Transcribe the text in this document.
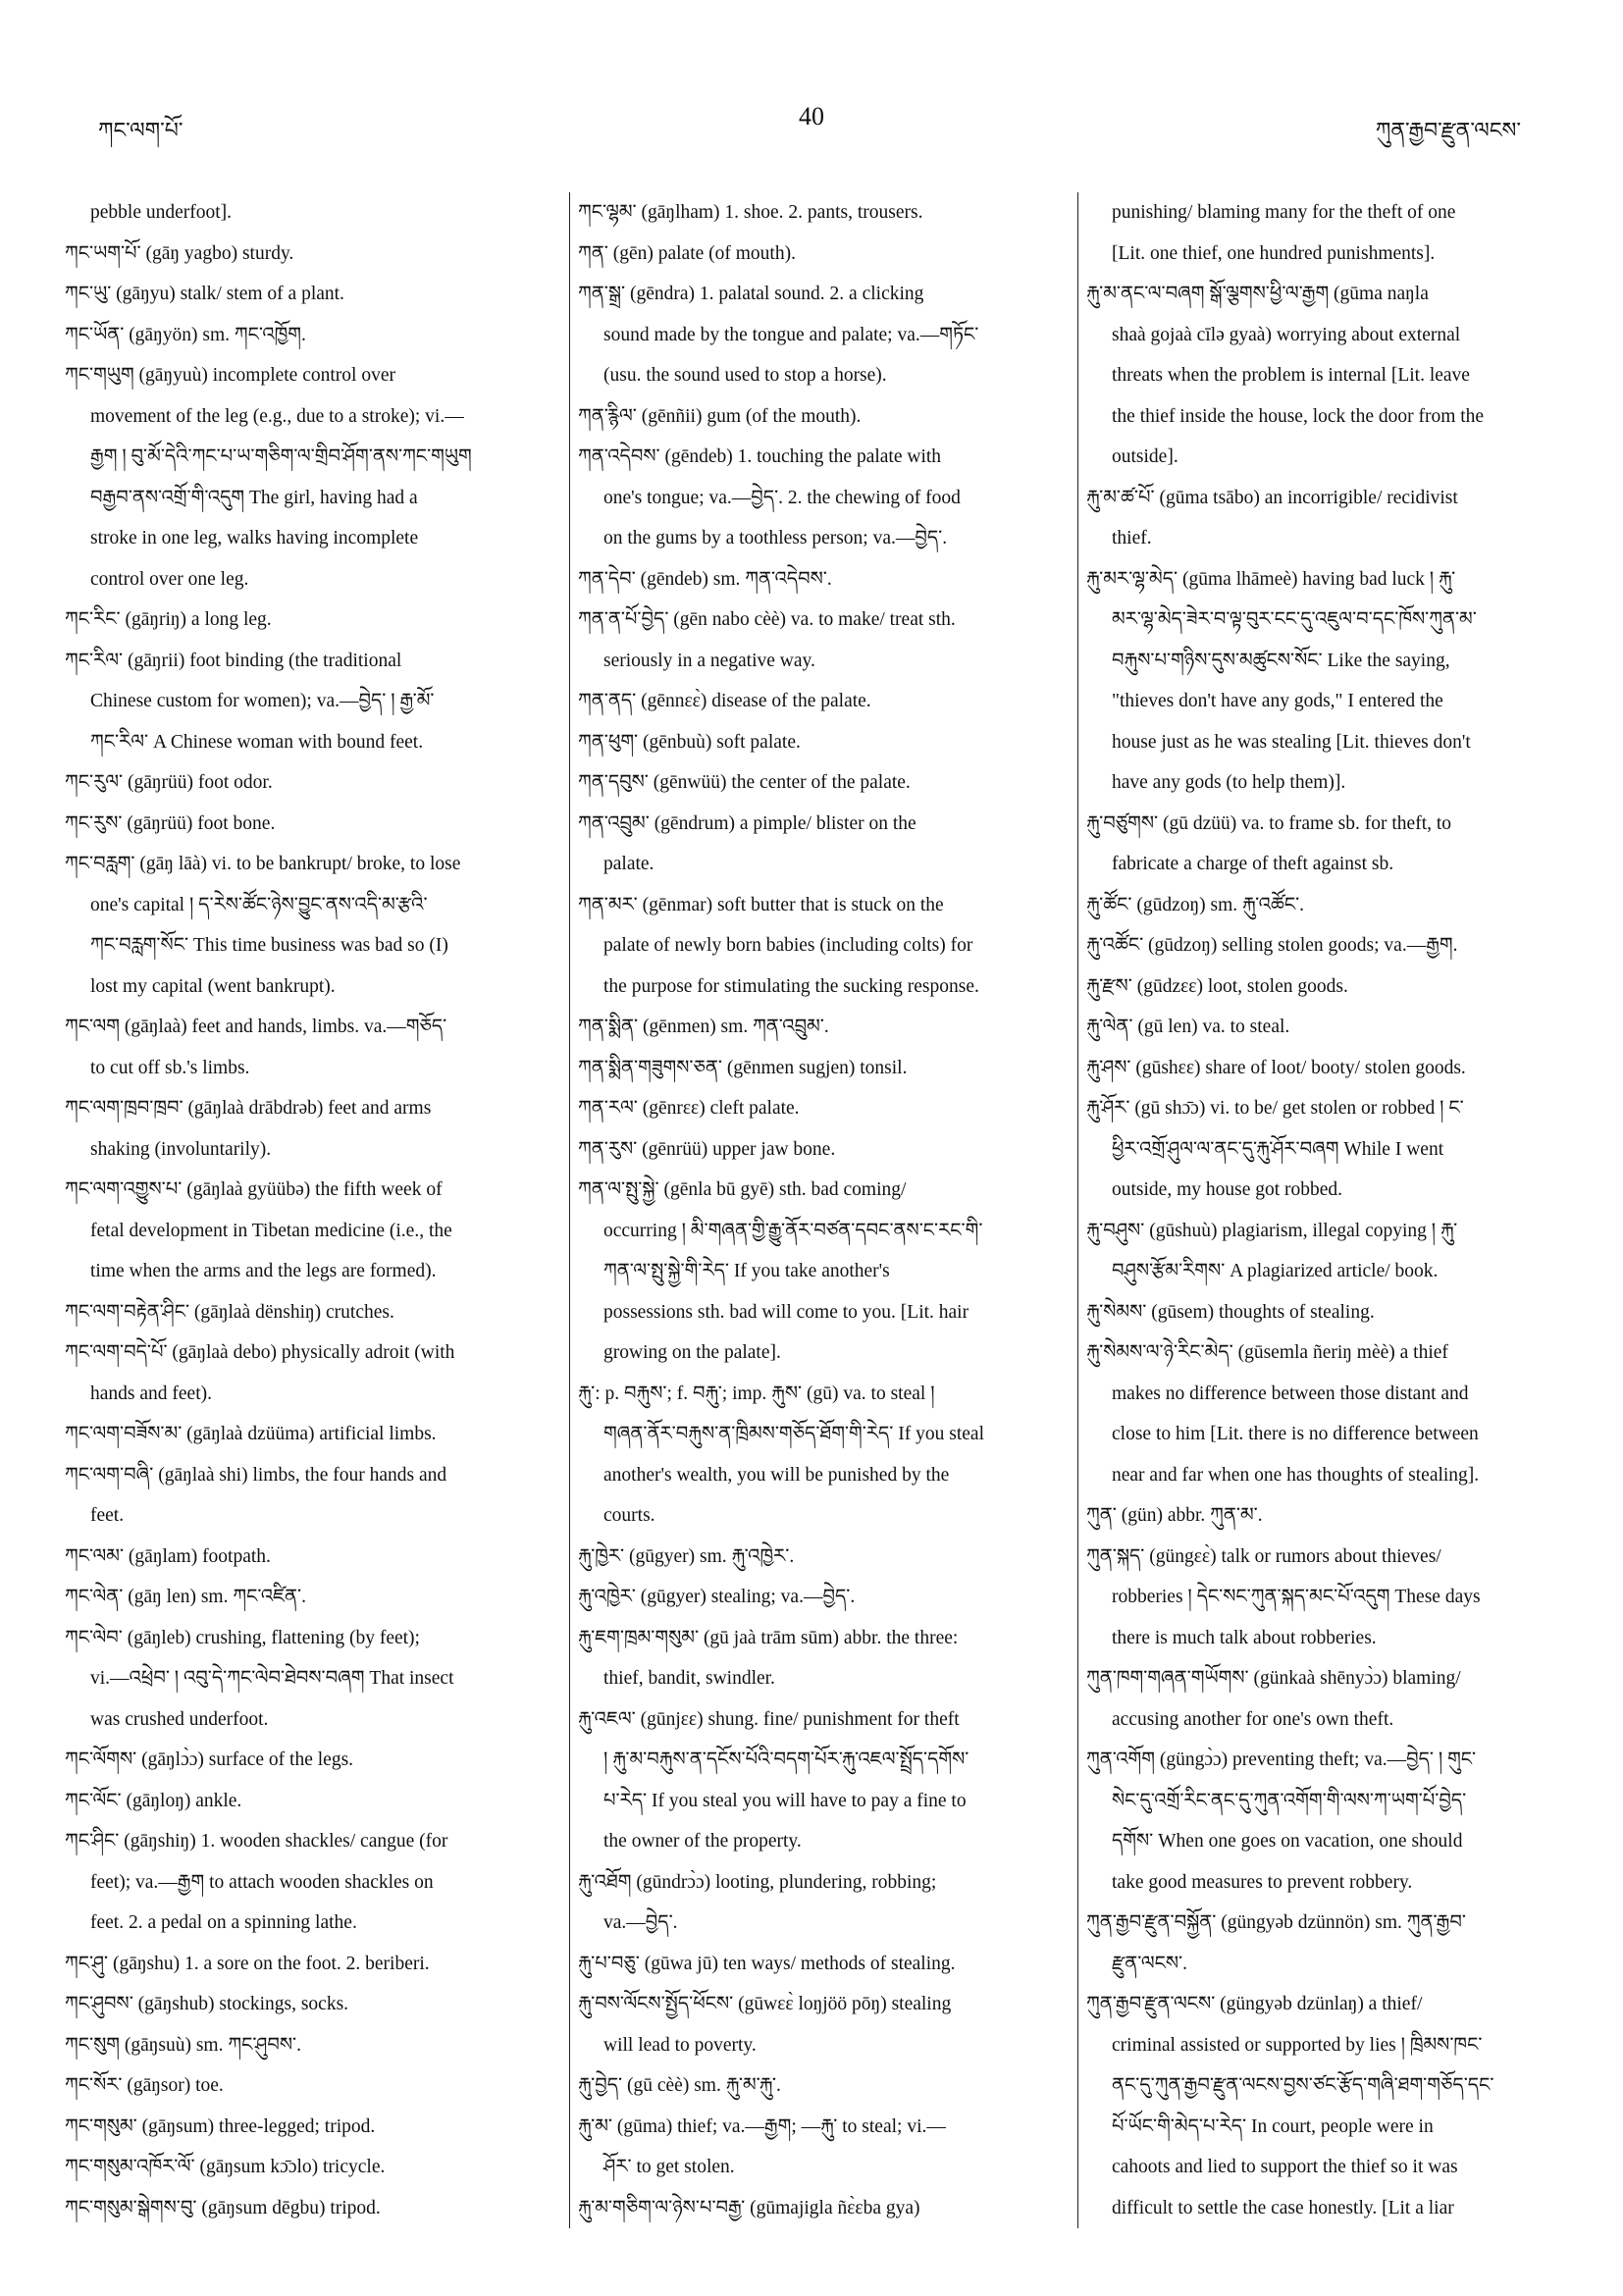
ཀང་ལག་པོ་	40	ཀུན་རྒྱབ་རྫུན་ལངས་

pebble underfoot].

ཀང་ཡག་པོ་ (gāŋ yagbo) sturdy.

ཀང་ཡུ་ (gāŋyu) stalk/ stem of a plant.

ཀང་ཡོན་ (gāŋyön) sm. ཀང་འཁྱོག.

ཀང་གཡུག (gāŋyuù) incomplete control over

movement of the leg (e.g., due to a stroke); vi.—

རྒྱག ། བུ་མོ་དེའི་ཀང་པ་ཡ་གཅིག་ལ་གྲིབ་ཤོག་ནས་ཀང་གཡུག

བརྒྱབ་ནས་འགྲོ་གི་འདུག The girl, having had a

stroke in one leg, walks having incomplete

control over one leg.

ཀང་རིང་ (gāŋriŋ) a long leg.

ཀང་རིལ་ (gāŋrii) foot binding (the traditional

Chinese custom for women); va.—བྱེད་ ། རྒྱ་མོ་

ཀང་རིལ་ A Chinese woman with bound feet.

ཀང་རུལ་ (gāŋrüü) foot odor.

ཀང་རུས་ (gāŋrüü) foot bone.

ཀང་བརླག་ (gāŋ lāà) vi. to be bankrupt/ broke, to lose

one's capital ། ད་རེས་ཚོང་ཉེས་བྱུང་ནས་འདི་མ་རྩའི་

ཀང་བརླག་སོང་ This time business was bad so (I)

lost my capital (went bankrupt).

ཀང་ལག (gāŋlaà) feet and hands, limbs. va.—གཅོད་

to cut off sb.'s limbs.

ཀང་ལག་ཁྲབ་ཁྲབ་ (gāŋlaà drābdrəb) feet and arms

shaking (involuntarily).

ཀང་ལག་འགྱུས་པ་ (gāŋlaà gyüübə) the fifth week of

fetal development in Tibetan medicine (i.e., the

time when the arms and the legs are formed).

ཀང་ལག་བརྟེན་ཤིང་ (gāŋlaà dënshiŋ) crutches.

ཀང་ལག་བདེ་པོ་ (gāŋlaà debo) physically adroit (with

hands and feet).

ཀང་ལག་བཟོས་མ་ (gāŋlaà dzüüma) artificial limbs.

ཀང་ལག་བཞི་ (gāŋlaà shi) limbs, the four hands and

feet.

ཀང་ལམ་ (gāŋlam) footpath.

ཀང་ལེན་ (gāŋ len) sm. ཀང་འཛིན་.

ཀང་ལེབ་ (gāŋleb) crushing, flattening (by feet);

vi.—འཕྲེབ་ ། འབུ་དེ་ཀང་ལེབ་ཐེབས་བཞག That insect

was crushed underfoot.

ཀང་ལོགས་ (gāŋlɔ̀ɔ) surface of the legs.

ཀང་ལོང་ (gāŋloŋ) ankle.

ཀང་ཤིང་ (gāŋshiŋ) 1. wooden shackles/ cangue (for

feet); va.—རྒྱག to attach wooden shackles on

feet. 2. a pedal on a spinning lathe.

ཀང་ཤུ་ (gāŋshu) 1. a sore on the foot. 2. beriberi.

ཀང་ཤུབས་ (gāŋshub) stockings, socks.

ཀང་སུག (gāŋsuù) sm. ཀང་ཤུབས་.

ཀང་སོར་ (gāŋsor) toe.

ཀང་གསུམ་ (gāŋsum) three-legged; tripod.

ཀང་གསུམ་འཁོར་ལོ་ (gāŋsum kɔ̄ɔlo) tricycle.

ཀང་གསུམ་སྒེགས་བུ་ (gāŋsum dēgbu) tripod.

ཀང་ལྷམ་ (gāŋlham) 1. shoe. 2. pants, trousers.

ཀན་ (gēn) palate (of mouth).

ཀན་སྒྲ་ (gēndra) 1. palatal sound. 2. a clicking

sound made by the tongue and palate; va.—གཏོང་

(usu. the sound used to stop a horse).

ཀན་རྙིལ་ (gēnñii) gum (of the mouth).

ཀན་འདེབས་ (gēndeb) 1. touching the palate with

one's tongue; va.—བྱེད་. 2. the chewing of food

on the gums by a toothless person; va.—བྱེད་.

ཀན་དེབ་ (gēndeb) sm. ཀན་འདེབས་.

ཀན་ན་པོ་བྱེད་ (gēn nabo cèè) va. to make/ treat sth.

seriously in a negative way.

ཀན་ནད་ (gēnnɛɛ̀) disease of the palate.

ཀན་ཕུག་ (gēnbuù) soft palate.

ཀན་དབུས་ (gēnwüü) the center of the palate.

ཀན་འབྲུམ་ (gēndrum) a pimple/ blister on the

palate.

ཀན་མར་ (gēnmar) soft butter that is stuck on the

palate of newly born babies (including colts) for

the purpose for stimulating the sucking response.

ཀན་སྨིན་ (gēnmen) sm. ཀན་འབྲུམ་.

ཀན་སྨིན་གཟུགས་ཅན་ (gēnmen sugjen) tonsil.

ཀན་རལ་ (gēnrɛɛ) cleft palate.

ཀན་རུས་ (gēnrüü) upper jaw bone.

ཀན་ལ་སྤུ་སྐྱེ་ (gēnla bū gyē) sth. bad coming/

occurring ། མི་གཞན་གྱི་རྒྱུ་ནོར་བཙན་དབང་ནས་ང་རང་གི་

ཀན་ལ་སྤུ་སྐྱེ་གི་རེད་ If you take another's

possessions sth. bad will come to you. [Lit. hair

growing on the palate].

རྐུ་: p. བརྐུས་; f. བརྐུ་; imp. རྐུས་ (gū) va. to steal །

གཞན་ནོར་བརྐུས་ན་ཁྲིམས་གཅོད་ཐོག་གི་རེད་ If you steal

another's wealth, you will be punished by the

courts.

རྐུ་ཁྱེར་ (gūgyer) sm. རྐུ་འཁྱེར་.

རྐུ་འཁྱེར་ (gūgyer) stealing; va.—བྱེད་.

རྐུ་ཇག་ཁྲམ་གསུམ་ (gū jaà trām sūm) abbr. the three:

thief, bandit, swindler.

རྐུ་འཇལ་ (gūnjɛɛ) shung. fine/ punishment for theft

། རྐུ་མ་བརྐུས་ན་དངོས་པོའི་བདག་པོར་རྐུ་འཇལ་སྤྲོད་དགོས་

པ་རེད་ If you steal you will have to pay a fine to

the owner of the property.

རྐུ་འཐོག (gūndrɔ̀ɔ) looting, plundering, robbing;

va.—བྱེད་.

རྐུ་པ་བཅུ་ (gūwa jū) ten ways/ methods of stealing.

རྐུ་བས་ལོངས་སྤྱོད་ཕོངས་ (gūwɛɛ̀ loŋjöö pōŋ) stealing

will lead to poverty.

རྐུ་བྱེད་ (gū cèè) sm. རྐུ་མ་རྐུ་.

རྐུ་མ་ (gūma) thief; va.—རྒྱག; —རྐུ་ to steal; vi.—

ཤོར་ to get stolen.

རྐུ་མ་གཅིག་ལ་ཉེས་པ་བརྒྱ་ (gūmajigla ñɛ̀ɛba gya)

punishing/ blaming many for the theft of one

[Lit. one thief, one hundred punishments].

རྐུ་མ་ནང་ལ་བཞག སྒོ་ལྕགས་ཕྱི་ལ་རྒྱག (gūma naŋla

shaà gojaà cīlə gyaà) worrying about external

threats when the problem is internal [Lit. leave

the thief inside the house, lock the door from the

outside].

རྐུ་མ་ཚ་པོ་ (gūma tsābo) an incorrigible/ recidivist

thief.

རྐུ་མར་ལྷ་མེད་ (gūma lhāmeè) having bad luck ། རྐུ་

མར་ལྷ་མེད་ཟེར་བ་ལྟ་བུར་ངང་དུ་འཇུལ་བ་དང་ཁོས་ཀུན་མ་

བརྐུས་པ་གཉིས་དུས་མཚུངས་སོང་ Like the saying,

"thieves don't have any gods," I entered the

house just as he was stealing [Lit. thieves don't

have any gods (to help them)].

རྐུ་བཙུགས་ (gū dzüü) va. to frame sb. for theft, to

fabricate a charge of theft against sb.

རྐུ་ཚོང་ (gūdzoŋ) sm. རྐུ་འཚོང་.

རྐུ་འཚོང་ (gūdzoŋ) selling stolen goods; va.—རྒྱག.

རྐུ་རྫས་ (gūdzɛɛ) loot, stolen goods.

རྐུ་ལེན་ (gū len) va. to steal.

རྐུ་ཤས་ (gūshɛɛ) share of loot/ booty/ stolen goods.

རྐུ་ཤོར་ (gū shɔ̄ɔ) vi. to be/ get stolen or robbed ། ང་

ཕྱིར་འགྲོ་ཤུལ་ལ་ནང་དུ་རྐུ་ཤོར་བཞག While I went

outside, my house got robbed.

རྐུ་བཤུས་ (gūshuù) plagiarism, illegal copying ། རྐུ་

བཤུས་རྩོམ་རིགས་ A plagiarized article/ book.

རྐུ་སེམས་ (gūsem) thoughts of stealing.

རྐུ་སེམས་ལ་ཉེ་རིང་མེད་ (gūsemla ñeriŋ mèè) a thief

makes no difference between those distant and

close to him [Lit. there is no difference between

near and far when one has thoughts of stealing].

ཀུན་ (gün) abbr. ཀུན་མ་.

ཀུན་སྐད་ (güngɛɛ̀) talk or rumors about thieves/

robberies ། དེང་སང་ཀུན་སྐད་མང་པོ་འདུག These days

there is much talk about robberies.

ཀུན་ཁག་གཞན་གཡོགས་ (günkaà shēnyɔ̀ɔ) blaming/

accusing another for one's own theft.

ཀུན་འགོག (güngɔ̀ɔ) preventing theft; va.—བྱེད་ ། གུང་

སེང་དུ་འགྲོ་རིང་ནང་དུ་ཀུན་འགོག་གི་ལས་ཀ་ཡག་པོ་བྱེད་

དགོས་ When one goes on vacation, one should

take good measures to prevent robbery.

ཀུན་རྒྱབ་རྫུན་བསྐྱོན་ (güngyəb dzünnön) sm. ཀུན་རྒྱབ་

རྫུན་ལངས་.

ཀུན་རྒྱབ་རྫུན་ལངས་ (güngyəb dzünlaŋ) a thief/

criminal assisted or supported by lies ། ཁྲིམས་ཁང་

ནང་དུ་ཀུན་རྒྱབ་རྫུན་ལངས་བྱས་ཙང་རྩོད་གཞི་ཐག་གཅོད་དང་

པོ་ཡོང་གི་མེད་པ་རེད་ In court, people were in

cahoots and lied to support the thief so it was

difficult to settle the case honestly. [Lit a liar
